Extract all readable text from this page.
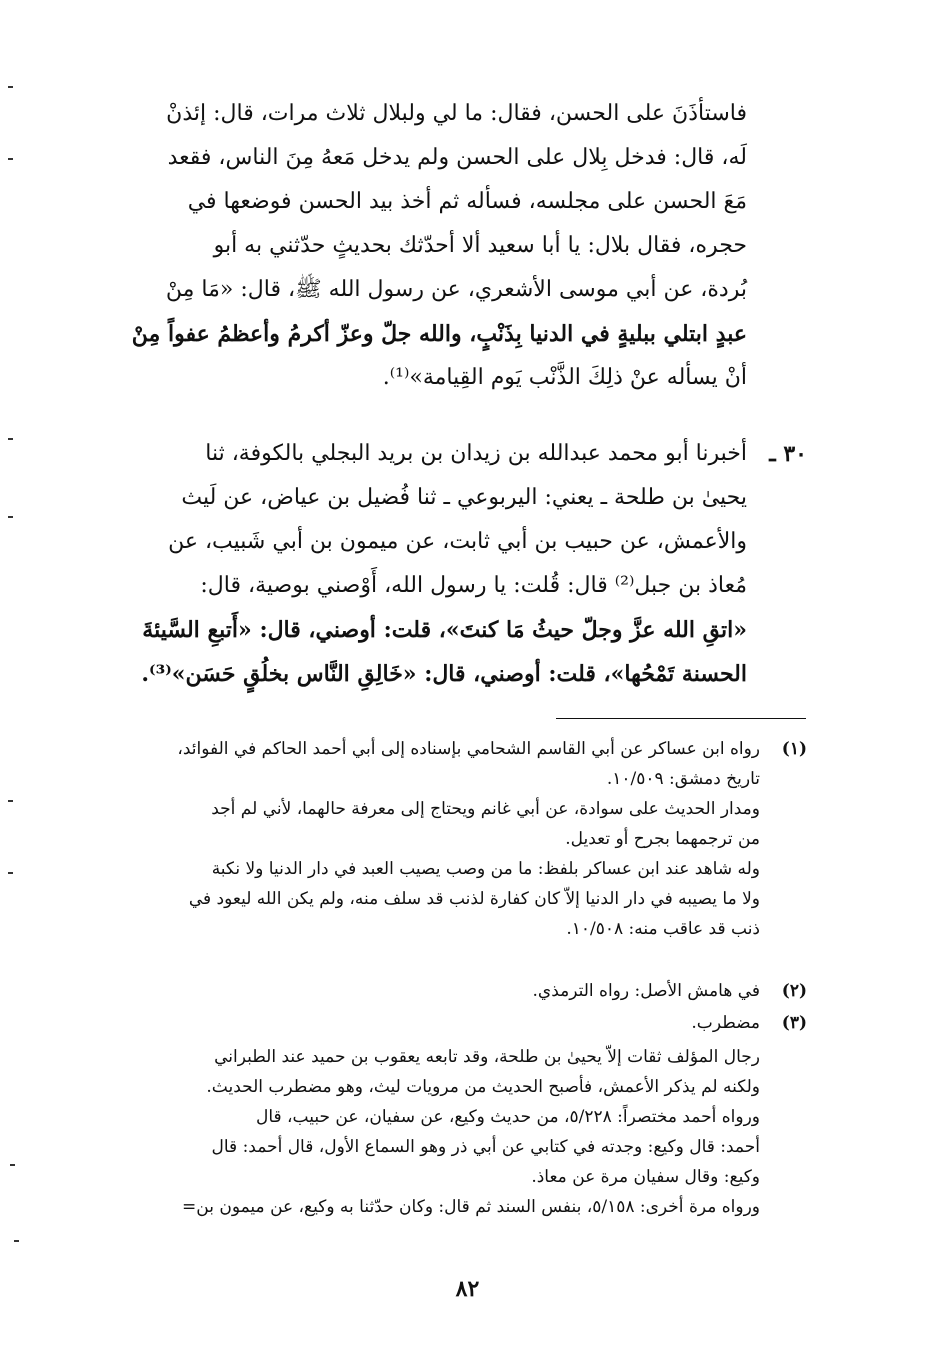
فاستأذَنَ على الحسن، فقال: ما لي ولبلال ثلاث مرات، قال: إئذنْ

لَه، قال: فدخل بِلال على الحسن ولم يدخل مَعهُ مِنَ الناس، فقعد

مَعَ الحسن على مجلسه، فسأله ثم أخذ بيد الحسن فوضعها في

حجره، فقال بلال: يا أبا سعيد ألا أحدّثك بحديثٍ حدّثني به أبو

بُردة، عن أبي موسى الأشعري، عن رسول الله ﷺ، قال: «مَا مِنْ

عبدٍ ابتلي ببليةٍ في الدنيا بِذَنْبٍ، والله جلّ وعزّ أكرمُ وأعظمُ عفواً مِنْ

أنْ يسأله عنْ ذلِكَ الذَّنْب يَوم القِيامة»⁽¹⁾.

٣٠ ـ

أخبرنا أبو محمد عبدالله بن زيدان بن بريد البجلي بالكوفة، ثنا

يحيىٰ بن طلحة ـ يعني: اليربوعي ـ ثنا فُضيل بن عياض، عن لَيث

والأعمش، عن حبيب بن أبي ثابت، عن ميمون بن أبي شَبيب، عن

مُعاذ بن جبل⁽²⁾ قال: قُلت: يا رسول الله، أَوْصني بوصية، قال:

«اتقِ الله عزَّ وجلّ حيثُ مَا كنتَ»، قلت: أوصني، قال: «أَتبعِ السَّيئةَ

الحسنة تَمْحُها»، قلت: أوصني، قال: «خَالِقِ النَّاس بخلُقٍ حَسَن»⁽³⁾.

(١)

رواه ابن عساكر عن أبي القاسم الشحامي بإسناده إلى أبي أحمد الحاكم في الفوائد،

تاريخ دمشق: ١٠/٥٠٩.

ومدار الحديث على سوادة، عن أبي غانم ويحتاج إلى معرفة حالهما، لأني لم أجد

من ترجمهما بجرح أو تعديل.

وله شاهد عند ابن عساكر بلفظ: ما من وصب يصيب العبد في دار الدنيا ولا نكبة

ولا ما يصيبه في دار الدنيا إلاّ كان كفارة لذنب قد سلف منه، ولم يكن الله ليعود في

ذنب قد عاقب منه: ١٠/٥٠٨.

(٢)

في هامش الأصل: رواه الترمذي.

(٣)

مضطرب.

رجال المؤلف ثقات إلاّ يحيىٰ بن طلحة، وقد تابعه يعقوب بن حميد عند الطبراني

ولكنه لم يذكر الأعمش، فأصبح الحديث من مرويات ليث، وهو مضطرب الحديث.

ورواه أحمد مختصراً: ٥/٢٢٨، من حديث وكيع، عن سفيان، عن حبيب، قال

أحمد: قال وكيع: وجدته في كتابي عن أبي ذر وهو السماع الأول، قال أحمد: قال

وكيع: وقال سفيان مرة عن معاذ.

ورواه مرة أخرى: ٥/١٥٨، بنفس السند ثم قال: وكان حدّثنا به وكيع، عن ميمون بن=

٨٢
